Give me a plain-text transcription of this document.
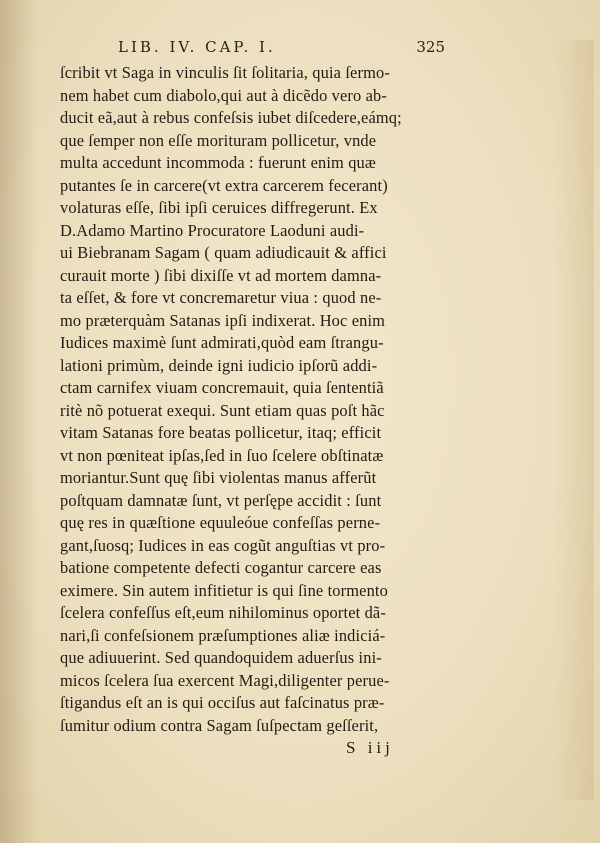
LIB. IV. CAP. I.	325
ſcribit vt Saga in vinculis ſit ſolitaria, quia ſermo-
nem habet cum diabolo,qui aut à dicẽdo vero ab-
ducit eã,aut à rebus confeſsis iubet diſcedere,eámq;
que ſemper non eſſe morituram pollicetur, vnde
multa accedunt incommoda : fuerunt enim quæ
putantes ſe in carcere(vt extra carcerem fecerant)
volaturas eſſe, ſibi ipſi ceruices diffregerunt. Ex
D.Adamo Martino Procuratore Laoduni audi-
ui Biebranam Sagam ( quam adiudicauit & affici
curauit morte ) ſibi dixiſſe vt ad mortem damna-
ta eſſet, & fore vt concremaretur viua : quod ne-
mo præterquàm Satanas ipſi indixerat. Hoc enim
Iudices maximè ſunt admirati,quòd eam ſtrangu-
lationi primùm, deinde igni iudicio ipſorũ addi-
ctam carnifex viuam concremauit, quia ſententiã
ritè nõ potuerat exequi. Sunt etiam quas poſt hãc
vitam Satanas fore beatas pollicetur, itaq; efficit
vt non pœniteat ipſas,ſed in ſuo ſcelere obſtinatæ
moriantur.Sunt quę ſibi violentas manus afferũt
poſtquam damnatæ ſunt, vt perſępe accidit : ſunt
quę res in quæſtione equuleóue confeſſas perne-
gant,ſuosq; Iudices in eas cogũt anguſtias vt pro-
batione competente defecti cogantur carcere eas
eximere. Sin autem infitietur is qui ſine tormento
ſcelera confeſſus eſt,eum nihilominus oportet dã-
nari,ſi confeſsionem præſumptiones aliæ indiciá-
que adiuuerint. Sed quandoquidem aduerſus ini-
micos ſcelera ſua exercent Magi,diligenter perue-
ſtigandus eſt an is qui occiſus aut faſcinatus præ-
ſumitur odium contra Sagam ſuſpectam geſſerit,
S iij
